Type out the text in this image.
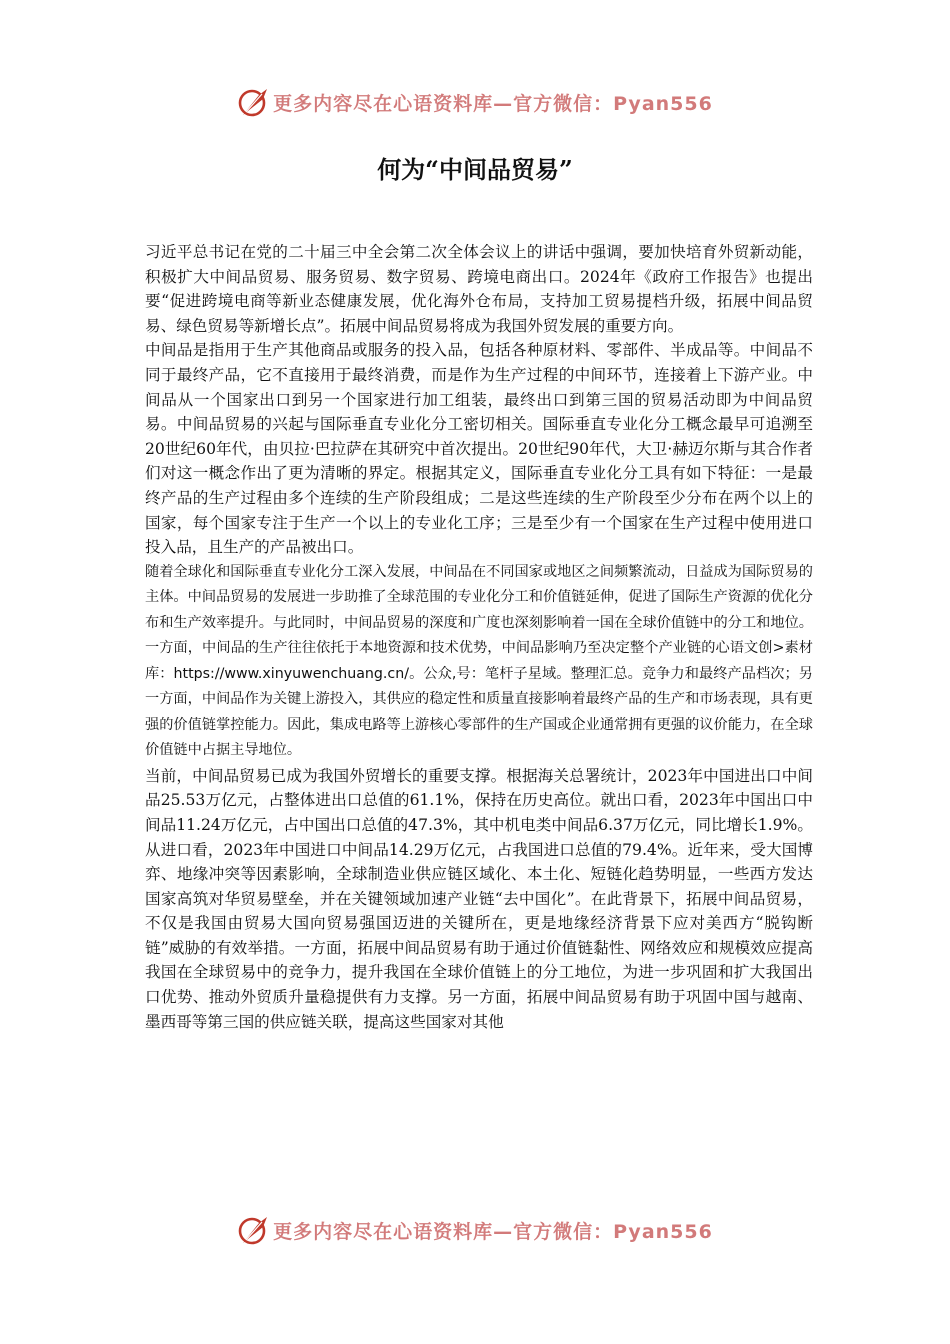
更多内容尽在心语资料库—官方微信：Pyan556
何为“中间品贸易”

习近平总书记在党的二十届三中全会第二次全体会议上的讲话中强调，要加快培育外贸新动能，积极扩大中间品贸易、服务贸易、数字贸易、跨境电商出口。2024年《政府工作报告》也提出要“促进跨境电商等新业态健康发展，优化海外仓布局，支持加工贸易提档升级，拓展中间品贸易、绿色贸易等新增长点”。拓展中间品贸易将成为我国外贸发展的重要方向。

中间品是指用于生产其他商品或服务的投入品，包括各种原材料、零部件、半成品等。中间品不同于最终产品，它不直接用于最终消费，而是作为生产过程的中间环节，连接着上下游产业。中间品从一个国家出口到另一个国家进行加工组装，最终出口到第三国的贸易活动即为中间品贸易。中间品贸易的兴起与国际垂直专业化分工密切相关。国际垂直专业化分工概念最早可追溯至20世纪60年代，由贝拉·巴拉萨在其研究中首次提出。20世纪90年代，大卫·赫迈尔斯与其合作者们对这一概念作出了更为清晰的界定。根据其定义，国际垂直专业化分工具有如下特征：一是最终产品的生产过程由多个连续的生产阶段组成；二是这些连续的生产阶段至少分布在两个以上的国家，每个国家专注于生产一个以上的专业化工序；三是至少有一个国家在生产过程中使用进口投入品，且生产的产品被出口。

随着全球化和国际垂直专业化分工深入发展，中间品在不同国家或地区之间频繁流动，日益成为国际贸易的主体。中间品贸易的发展进一步助推了全球范围的专业化分工和价值链延伸，促进了国际生产资源的优化分布和生产效率提升。与此同时，中间品贸易的深度和广度也深刻影响着一国在全球价值链中的分工和地位。一方面，中间品的生产往往依托于本地资源和技术优势，中间品影响乃至决定整个产业链的心语文创>素材库：https://www.xinyuwenchuang.cn/。公众,号：笔杆子星域。整理汇总。竞争力和最终产品档次；另一方面，中间品作为关键上游投入，其供应的稳定性和质量直接影响着最终产品的生产和市场表现，具有更强的价值链掌控能力。因此，集成电路等上游核心零部件的生产国或企业通常拥有更强的议价能力，在全球价值链中占据主导地位。

当前，中间品贸易已成为我国外贸增长的重要支撑。根据海关总署统计，2023年中国进出口中间品25.53万亿元，占整体进出口总值的61.1%，保持在历史高位。就出口看，2023年中国出口中间品11.24万亿元，占中国出口总值的47.3%，其中机电类中间品6.37万亿元，同比增长1.9%。从进口看，2023年中国进口中间品14.29万亿元，占我国进口总值的79.4%。近年来，受大国博弈、地缘冲突等因素影响，全球制造业供应链区域化、本土化、短链化趋势明显，一些西方发达国家高筑对华贸易壁垒，并在关键领域加速产业链“去中国化”。在此背景下，拓展中间品贸易，不仅是我国由贸易大国向贸易强国迈进的关键所在，更是地缘经济背景下应对美西方“脱钩断链”威胁的有效举措。一方面，拓展中间品贸易有助于通过价值链黏性、网络效应和规模效应提高我国在全球贸易中的竞争力，提升我国在全球价值链上的分工地位，为进一步巩固和扩大我国出口优势、推动外贸质升量稳提供有力支撑。另一方面，拓展中间品贸易有助于巩固中国与越南、墨西哥等第三国的供应链关联，提高这些国家对其他

更多内容尽在心语资料库—官方微信：Pyan556
